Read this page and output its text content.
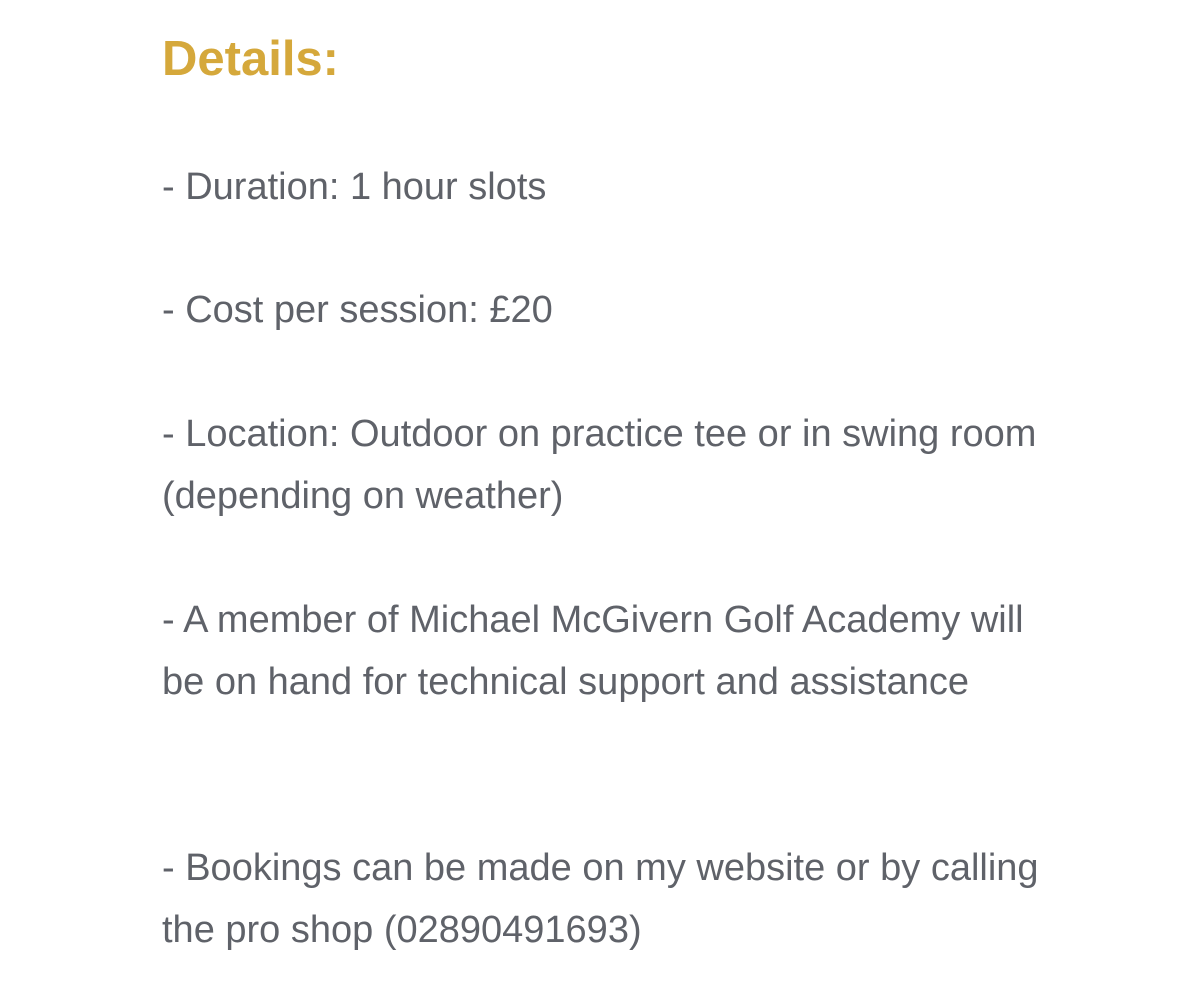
Details:

- Duration: 1 hour slots

- Cost per session: £20

- Location: Outdoor on practice tee or in swing room (depending on weather)

- A member of Michael McGivern Golf Academy will be on hand for technical support and assistance

- Bookings can be made on my website or by calling the pro shop (02890491693)
